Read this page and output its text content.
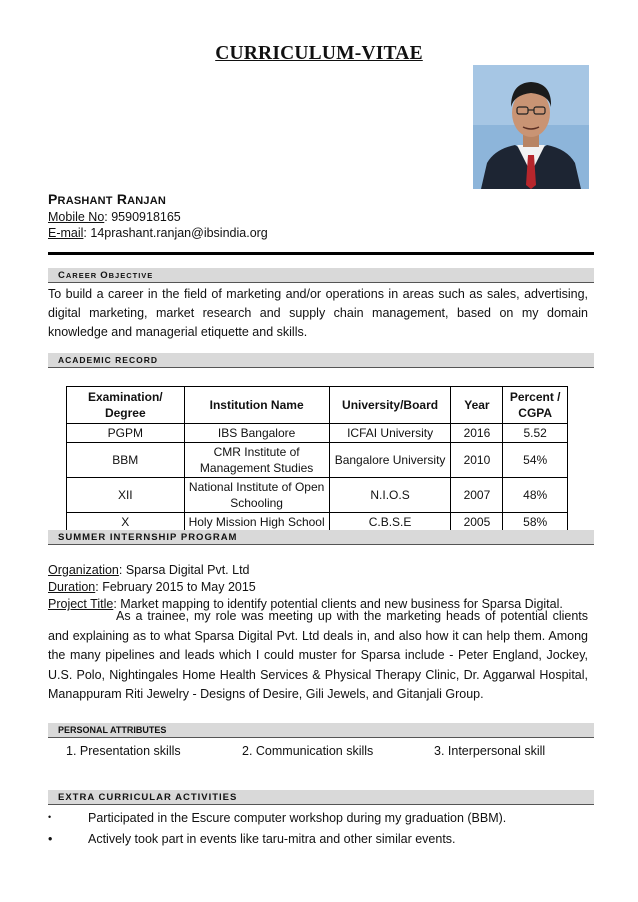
CURRICULUM-VITAE
PRASHANT RANJAN
Mobile No: 9590918165
E-mail: 14prashant.ranjan@ibsindia.org
CAREER OBJECTIVE
To build a career in the field of marketing and/or operations in areas such as sales, advertising, digital marketing, market research and supply chain management, based on my domain knowledge and managerial etiquette and skills.
ACADEMIC RECORD
Examination/ Degree	Institution Name	University/Board	Year	Percent / CGPA
PGPM	IBS Bangalore	ICFAI University	2016	5.52
BBM	CMR Institute of Management Studies	Bangalore University	2010	54%
XII	National Institute of Open Schooling	N.I.O.S	2007	48%
X	Holy Mission High School	C.B.S.E	2005	58%
SUMMER INTERNSHIP PROGRAM
Organization: Sparsa Digital Pvt. Ltd
Duration: February 2015 to May 2015
Project Title: Market mapping to identify potential clients and new business for Sparsa Digital.
As a trainee, my role was meeting up with the marketing heads of potential clients and explaining as to what Sparsa Digital Pvt. Ltd deals in, and also how it can help them. Among the many pipelines and leads which I could muster for Sparsa include - Peter England, Jockey, U.S. Polo, Nightingales Home Health Services & Physical Therapy Clinic, Dr. Aggarwal Hospital, Manappuram Riti Jewelry - Designs of Desire, Gili Jewels, and Gitanjali Group.
PERSONAL ATTRIBUTES
1. Presentation skills	2. Communication skills	3. Interpersonal skill
EXTRA CURRICULAR ACTIVITIES
•	Participated in the Escure computer workshop during my graduation (BBM).
•	Actively took part in events like taru-mitra and other similar events.
